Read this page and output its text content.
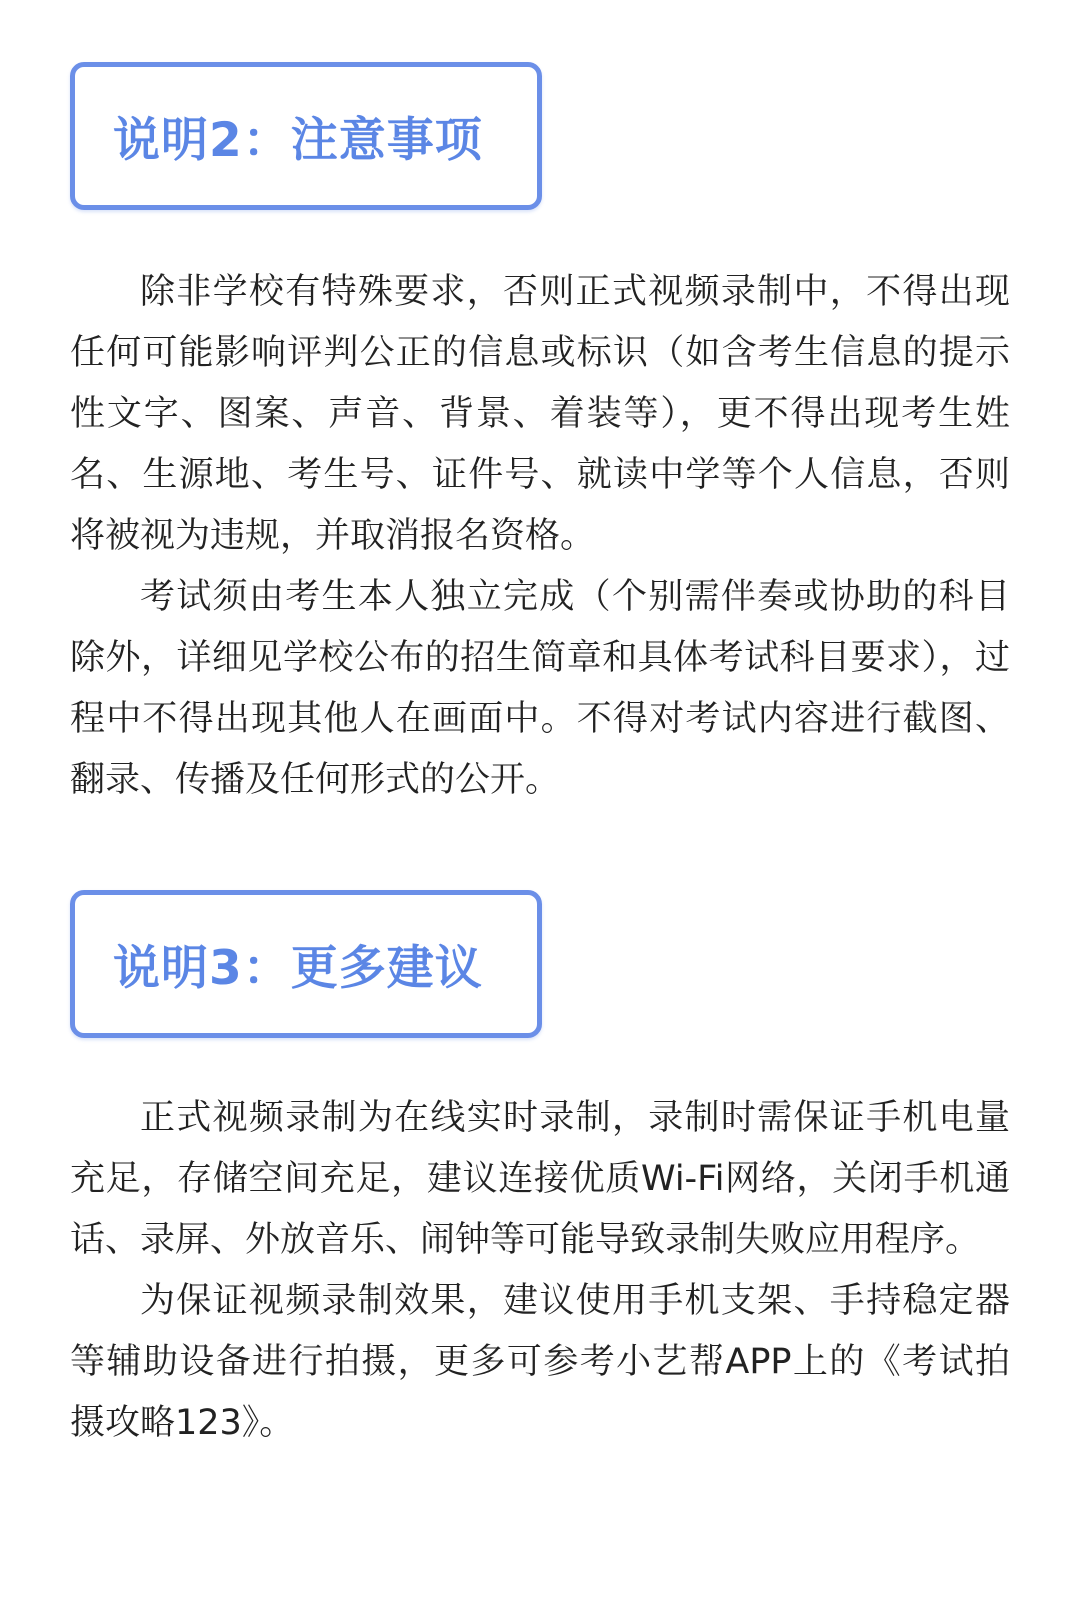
说明2：注意事项

除非学校有特殊要求，否则正式视频录制中，不得出现任何可能影响评判公正的信息或标识（如含考生信息的提示性文字、图案、声音、背景、着装等），更不得出现考生姓名、生源地、考生号、证件号、就读中学等个人信息，否则将被视为违规，并取消报名资格。

考试须由考生本人独立完成（个别需伴奏或协助的科目除外，详细见学校公布的招生简章和具体考试科目要求），过程中不得出现其他人在画面中。不得对考试内容进行截图、翻录、传播及任何形式的公开。

说明3：更多建议

正式视频录制为在线实时录制，录制时需保证手机电量充足，存储空间充足，建议连接优质Wi-Fi网络，关闭手机通话、录屏、外放音乐、闹钟等可能导致录制失败应用程序。

为保证视频录制效果，建议使用手机支架、手持稳定器等辅助设备进行拍摄，更多可参考小艺帮APP上的《考试拍摄攻略123》。
